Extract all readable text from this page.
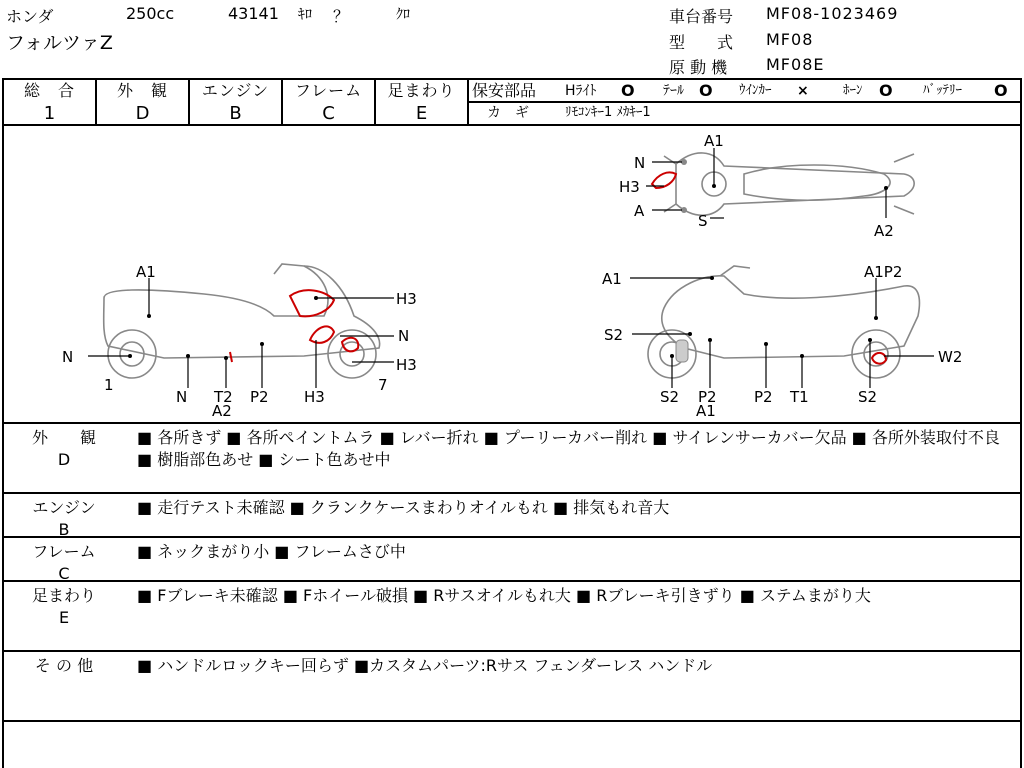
ホンダ	250cc	43141 ｷﾛ ？	ｸﾛ
フォルツァZ
車台番号 MF08-1023469
型　　式 MF08
原 動 機 MF08E
総　合
1
外　観
D
エンジン
B
フレーム
C
足まわり
E
保安部品 Hﾗｲﾄ O ﾃｰﾙ O ｳｲﾝｶｰ ×	ﾎｰﾝ O ﾊﾞｯﾃﾘｰ O
カ　ギ	ﾘﾓｺﾝｷｰ1 ﾒｶｷｰ1
N
A1
H3
A
S
A2
A1
H3
N
H3
N
1
N T2
A2
P2 H3
7
A1	A1P2
S2
W2
S2 P2
A1
P2 T1	S2
外　　観
D
■ 各所きず ■ 各所ペイントムラ ■ レバー折れ ■ プーリーカバー削れ ■ サイレンサーカバー欠品 ■ 各所外装取付不良 ■ 樹脂部色あせ ■ シート色あせ中
エンジン
B
■ 走行テスト未確認 ■ クランクケースまわりオイルもれ ■ 排気もれ音大
フレーム
C
■ ネックまがり小 ■ フレームさび中
足まわり
E
■ Fブレーキ未確認 ■ Fホイール破損 ■ Rサスオイルもれ大 ■ Rブレーキ引きずり ■ ステムまがり大
そ の 他	■ ハンドルロックキー回らず ■カスタムパーツ:Rサス フェンダーレス ハンドル
